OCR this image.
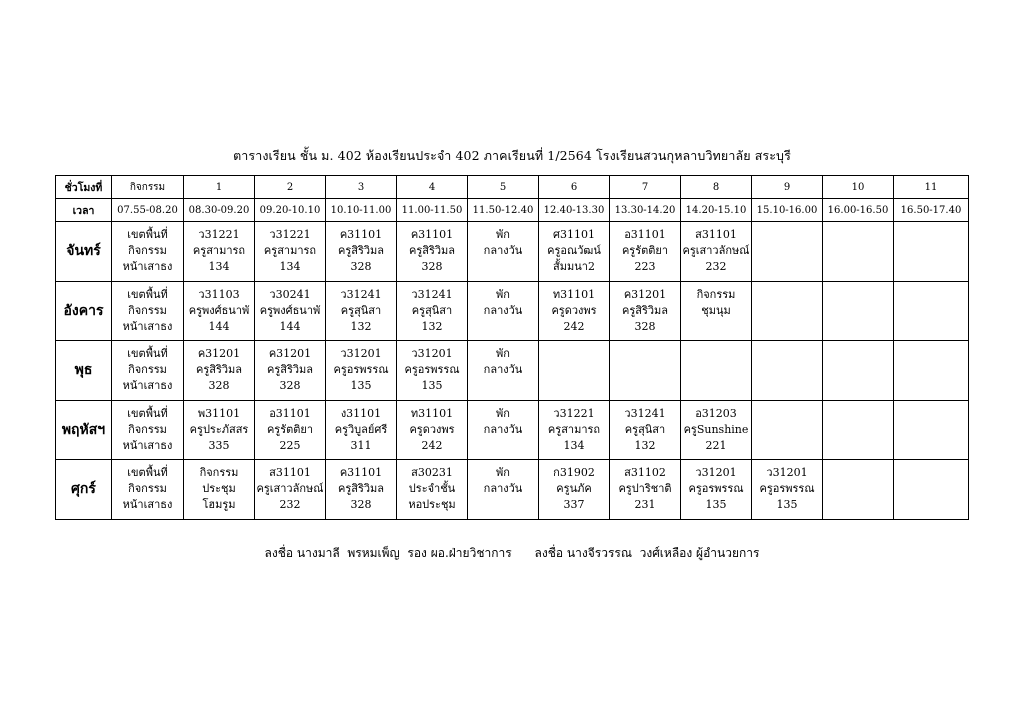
ตารางเรียน ชั้น ม. 402 ห้องเรียนประจำ 402 ภาคเรียนที่ 1/2564 โรงเรียนสวนกุหลาบวิทยาลัย สระบุรี
ชั่วโมงที่	กิจกรรม	1	2	3	4	5	6	7	8	9	10	11
เวลา	07.55-08.20	08.30-09.20	09.20-10.10	10.10-11.00	11.00-11.50	11.50-12.40	12.40-13.30	13.30-14.20	14.20-15.10	15.10-16.00	16.00-16.50	16.50-17.40
จันทร์	เขตพื้นที่
กิจกรรม
หน้าเสาธง	ว31221
ครูสามารถ
134	ว31221
ครูสามารถ
134	ค31101
ครูสิริวิมล
328	ค31101
ครูสิริวิมล
328	พัก
กลางวัน	ศ31101
ครูอณวัฒน์
สั้มมนา2	อ31101
ครูรัตติยา
223	ส31101
ครูเสาวลักษณ์
232			

อังคาร	เขตพื้นที่
กิจกรรม
หน้าเสาธง	ว31103
ครูพงศ์ธนาพั
144	ว30241
ครูพงศ์ธนาพั
144	ว31241
ครูสุนิสา
132	ว31241
ครูสุนิสา
132	พัก
กลางวัน	ท31101
ครูดวงพร
242	ค31201
ครูสิริวิมล
328	กิจกรรม
ชุมนุม			

พุธ	เขตพื้นที่
กิจกรรม
หน้าเสาธง	ค31201
ครูสิริวิมล
328	ค31201
ครูสิริวิมล
328	ว31201
ครูอรพรรณ
135	ว31201
ครูอรพรรณ
135	พัก
กลางวัน						

พฤหัสฯ	เขตพื้นที่
กิจกรรม
หน้าเสาธง	พ31101
ครูประภัสสร
335	อ31101
ครูรัตติยา
225	ง31101
ครูวิบูลย์ศรี
311	ท31101
ครูดวงพร
242	พัก
กลางวัน	ว31221
ครูสามารถ
134	ว31241
ครูสุนิสา
132	อ31203
ครูSunshine
221			

ศุกร์	เขตพื้นที่
กิจกรรม
หน้าเสาธง	กิจกรรม
ประชุม
โฮมรูม	ส31101
ครูเสาวลักษณ์
232	ค31101
ครูสิริวิมล
328	ส30231
ประจำชั้น
หอประชุม	พัก
กลางวัน	ก31902
ครูนภัค
337	ส31102
ครูปาริชาติ
231	ว31201
ครูอรพรรณ
135	ว31201
ครูอรพรรณ
135		

ลงชื่อ นางมาลี  พรหมเพ็ญ  รอง ผอ.ฝ่ายวิชาการ ลงชื่อ นางจีรวรรณ  วงศ์เหลือง ผู้อำนวยการ
